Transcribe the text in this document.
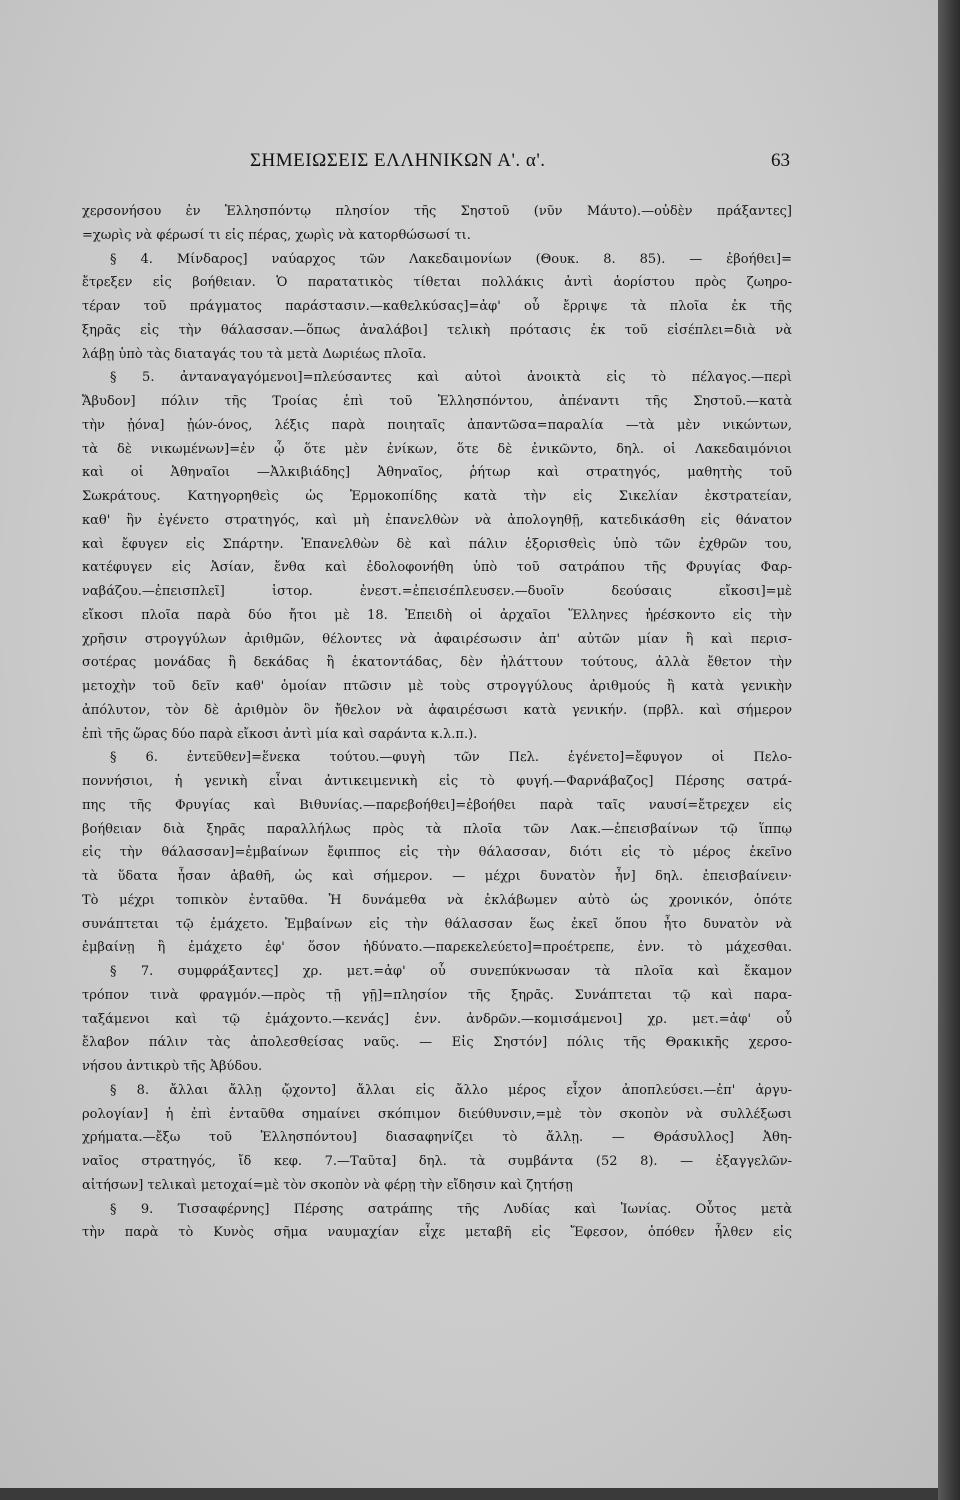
ΣΗΜΕΙΩΣΕΙΣ ΕΛΛΗΝΙΚΩΝ Α'. α'.	63
χερσονήσου ἐν Ἑλλησπόντῳ πλησίον τῆς Σηστοῦ (νῦν Μάυτο).—οὐδὲν πράξαντες]
=χωρὶς νὰ φέρωσί τι εἰς πέρας, χωρὶς νὰ κατορθώσωσί τι.
§ 4. Μίνδαρος] ναύαρχος τῶν Λακεδαιμονίων (Θουκ. 8. 85). — ἐβοήθει]=
ἔτρεξεν εἰς βοήθειαν. Ὁ παρατατικὸς τίθεται πολλάκις ἀντὶ ἀορίστου πρὸς ζωηρο-
τέραν τοῦ πράγματος παράστασιν.—καθελκύσας]=ἀφ' οὗ ἔρριψε τὰ πλοῖα ἐκ τῆς
ξηρᾶς εἰς τὴν θάλασσαν.—ὅπως ἀναλάβοι] τελικὴ πρότασις ἐκ τοῦ εἰσέπλει=διὰ νὰ
λάβῃ ὑπὸ τὰς διαταγάς του τὰ μετὰ Δωριέως πλοῖα.
§ 5. ἀνταναγαγόμενοι]=πλεύσαντες καὶ αὐτοὶ ἀνοικτὰ εἰς τὸ πέλαγος.—περὶ
Ἄβυδον] πόλιν τῆς Τροίας ἐπὶ τοῦ Ἑλλησπόντου, ἀπέναντι τῆς Σηστοῦ.—κατὰ
τὴν ᾐόνα] ᾐών-όνος, λέξις παρὰ ποιηταῖς ἀπαντῶσα=παραλία —τὰ μὲν νικώντων,
τὰ δὲ νικωμένων]=ἐν ᾧ ὅτε μὲν ἐνίκων, ὅτε δὲ ἐνικῶντο, δηλ. οἱ Λακεδαιμόνιοι
καὶ οἱ Ἀθηναῖοι —Ἀλκιβιάδης] Ἀθηναῖος, ῥήτωρ καὶ στρατηγός, μαθητὴς τοῦ
Σωκράτους. Κατηγορηθεὶς ὡς Ἑρμοκοπίδης κατὰ τὴν εἰς Σικελίαν ἐκστρατείαν,
καθ' ἣν ἐγένετο στρατηγός, καὶ μὴ ἐπανελθὼν νὰ ἀπολογηθῇ, κατεδικάσθη εἰς θάνατον
καὶ ἔφυγεν εἰς Σπάρτην. Ἐπανελθὼν δὲ καὶ πάλιν ἐξορισθεὶς ὑπὸ τῶν ἐχθρῶν του,
κατέφυγεν εἰς Ἀσίαν, ἔνθα καὶ ἐδολοφονήθη ὑπὸ τοῦ σατράπου τῆς Φρυγίας Φαρ-
ναβάζου.—ἐπεισπλεῖ] ἱστορ. ἐνεστ.=ἐπεισέπλευσεν.—δυοῖν δεούσαις εἴκοσι]=μὲ
εἴκοσι πλοῖα παρὰ δύο ἤτοι μὲ 18. Ἐπειδὴ οἱ ἀρχαῖοι Ἕλληνες ἠρέσκοντο εἰς τὴν
χρῆσιν στρογγύλων ἀριθμῶν, θέλοντες νὰ ἀφαιρέσωσιν ἀπ' αὐτῶν μίαν ἢ καὶ περισ-
σοτέρας μονάδας ἢ δεκάδας ἢ ἑκατοντάδας, δὲν ἠλάττουν τούτους, ἀλλὰ ἔθετον τὴν
μετοχὴν τοῦ δεῖν καθ' ὁμοίαν πτῶσιν μὲ τοὺς στρογγύλους ἀριθμούς ἢ κατὰ γενικὴν
ἀπόλυτον, τὸν δὲ ἀριθμὸν ὃν ἤθελον νὰ ἀφαιρέσωσι κατὰ γενικήν. (πρβλ. καὶ σήμερον
ἐπὶ τῆς ὥρας δύο παρὰ εἴκοσι ἀντὶ μία καὶ σαράντα κ.λ.π.).
§ 6. ἐντεῦθεν]=ἕνεκα τούτου.—φυγὴ τῶν Πελ. ἐγένετο]=ἔφυγον οἱ Πελο-
ποννήσιοι, ἡ γενικὴ εἶναι ἀντικειμενικὴ εἰς τὸ φυγή.—Φαρνάβαζος] Πέρσης σατρά-
πης τῆς Φρυγίας καὶ Βιθυνίας.—παρεβοήθει]=ἐβοήθει παρὰ ταῖς ναυσί=ἔτρεχεν εἰς
βοήθειαν διὰ ξηρᾶς παραλλήλως πρὸς τὰ πλοῖα τῶν Λακ.—ἐπεισβαίνων τῷ ἵππῳ
εἰς τὴν θάλασσαν]=ἐμβαίνων ἔφιππος εἰς τὴν θάλασσαν, διότι εἰς τὸ μέρος ἐκεῖνο
τὰ ὕδατα ἦσαν ἀβαθῆ, ὡς καὶ σήμερον. — μέχρι δυνατὸν ἦν] δηλ. ἐπεισβαίνειν·
Τὸ μέχρι τοπικὸν ἐνταῦθα. Ἡ δυνάμεθα νὰ ἐκλάβωμεν αὐτὸ ὡς χρονικόν, ὁπότε
συνάπτεται τῷ ἐμάχετο. Ἐμβαίνων εἰς τὴν θάλασσαν ἕως ἐκεῖ ὅπου ἦτο δυνατὸν νὰ
ἐμβαίνῃ ἢ ἐμάχετο ἐφ' ὅσον ἠδύνατο.—παρεκελεύετο]=προέτρεπε, ἐνν. τὸ μάχεσθαι.
§ 7. συμφράξαντες] χρ. μετ.=ἀφ' οὗ συνεπύκνωσαν τὰ πλοῖα καὶ ἔκαμον
τρόπον τινὰ φραγμόν.—πρὸς τῇ γῇ]=πλησίον τῆς ξηρᾶς. Συνάπτεται τῷ καὶ παρα-
ταξάμενοι καὶ τῷ ἐμάχοντο.—κενάς] ἐνν. ἀνδρῶν.—κομισάμενοι] χρ. μετ.=ἀφ' οὗ
ἔλαβον πάλιν τὰς ἀπολεσθείσας ναῦς. — Εἰς Σηστόν] πόλις τῆς Θρακικῆς χερσο-
νήσου ἀντικρὺ τῆς Ἀβύδου.
§ 8. ἄλλαι ἄλλῃ ᾤχοντο] ἄλλαι εἰς ἄλλο μέρος εἶχον ἀποπλεύσει.—ἐπ' ἀργυ-
ρολογίαν] ἡ ἐπὶ ἐνταῦθα σημαίνει σκόπιμον διεύθυνσιν,=μὲ τὸν σκοπὸν νὰ συλλέξωσι
χρήματα.—ἔξω τοῦ Ἑλλησπόντου] διασαφηνίζει τὸ ἄλλῃ. — Θράσυλλος] Ἀθη-
ναῖος στρατηγός, ἴδ κεφ. 7.—Ταῦτα] δηλ. τὰ συμβάντα (52 8). — ἐξαγγελῶν-
αἰτήσων] τελικαὶ μετοχαί=μὲ τὸν σκοπὸν νὰ φέρῃ τὴν εἴδησιν καὶ ζητήσῃ
§ 9. Τισσαφέρνης] Πέρσης σατράπης τῆς Λυδίας καὶ Ἰωνίας. Οὗτος μετὰ
τὴν παρὰ τὸ Κυνὸς σῆμα ναυμαχίαν εἶχε μεταβῆ εἰς Ἔφεσον, ὁπόθεν ἦλθεν εἰς
